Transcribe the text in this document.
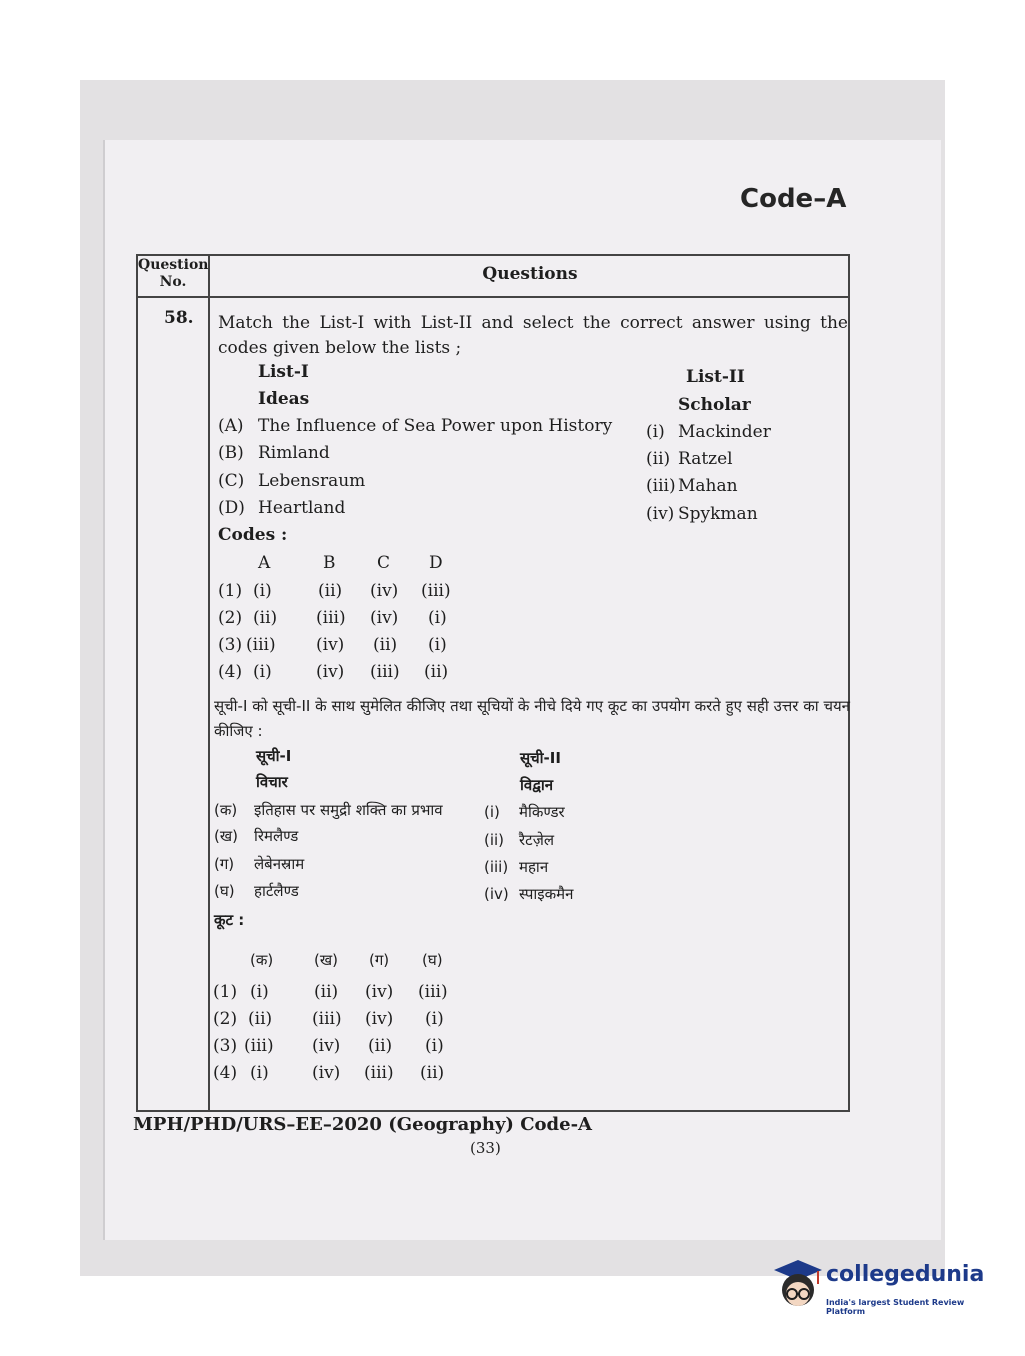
Code–A
Question No.	Questions
58. Match the List-I with List-II and select the correct answer using the codes given below the lists ;
List-I
Ideas
List-II
Scholar
(A) The Influence of Sea Power upon History
(B) Rimland
(C) Lebensraum
(D) Heartland
(i) Mackinder
(ii) Ratzel
(iii) Mahan
(iv) Spykman
Codes :
A	B C D
(1) (i)	(ii) (iv) (iii)
(2) (ii) (iii) (iv) (i)
(3) (iii) (iv) (ii) (i)
(4) (i)	(iv) (iii) (ii)
सूची-I को सूची-II के साथ सुमेलित कीजिए तथा सूचियों के नीचे दिये गए कूट का उपयोग करते हुए सही उत्तर का चयन कीजिए :
सूची-I
विचार
सूची-II
विद्वान
(क) इतिहास पर समुद्री शक्ति का प्रभाव
(ख) रिमलैण्ड
(ग) लेबेनस्राम
(घ) हार्टलैण्ड
(i) मैकिण्डर
(ii) रैटज़ेल
(iii) महान
(iv) स्पाइकमैन
कूट :
(क)	(ख) (ग) (घ)
(1) (i)	(ii) (iv) (iii)
(2) (ii) (iii) (iv) (i)
(3) (iii) (iv) (ii) (i)
(4) (i)	(iv) (iii) (ii)
MPH/PHD/URS–EE–2020 (Geography) Code-A
(33)
collegedunia
India's largest Student Review Platform
